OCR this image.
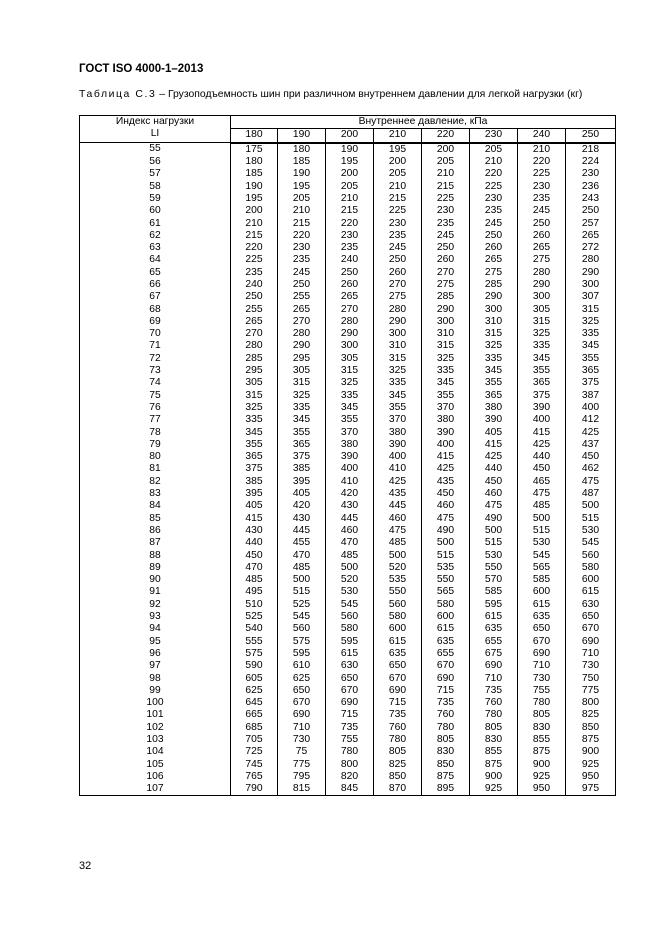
ГОСТ ISO 4000-1–2013
Таблица С.3 – Грузоподъемность шин при различном внутреннем давлении для легкой нагрузки (кг)
Индекс нагрузки
LI	Внутреннее давление, кПа							
	180	190	200	210	220	230	240	250
55	175	180	190	195	200	205	210	218
56	180	185	195	200	205	210	220	224
57	185	190	200	205	210	220	225	230
58	190	195	205	210	215	225	230	236
59	195	205	210	215	225	230	235	243
60	200	210	215	225	230	235	245	250
61	210	215	220	230	235	245	250	257
62	215	220	230	235	245	250	260	265
63	220	230	235	245	250	260	265	272
64	225	235	240	250	260	265	275	280
65	235	245	250	260	270	275	280	290
66	240	250	260	270	275	285	290	300
67	250	255	265	275	285	290	300	307
68	255	265	270	280	290	300	305	315
69	265	270	280	290	300	310	315	325
70	270	280	290	300	310	315	325	335
71	280	290	300	310	315	325	335	345
72	285	295	305	315	325	335	345	355
73	295	305	315	325	335	345	355	365
74	305	315	325	335	345	355	365	375
75	315	325	335	345	355	365	375	387
76	325	335	345	355	370	380	390	400
77	335	345	355	370	380	390	400	412
78	345	355	370	380	390	405	415	425
79	355	365	380	390	400	415	425	437
80	365	375	390	400	415	425	440	450
81	375	385	400	410	425	440	450	462
82	385	395	410	425	435	450	465	475
83	395	405	420	435	450	460	475	487
84	405	420	430	445	460	475	485	500
85	415	430	445	460	475	490	500	515
86	430	445	460	475	490	500	515	530
87	440	455	470	485	500	515	530	545
88	450	470	485	500	515	530	545	560
89	470	485	500	520	535	550	565	580
90	485	500	520	535	550	570	585	600
91	495	515	530	550	565	585	600	615
92	510	525	545	560	580	595	615	630
93	525	545	560	580	600	615	635	650
94	540	560	580	600	615	635	650	670
95	555	575	595	615	635	655	670	690
96	575	595	615	635	655	675	690	710
97	590	610	630	650	670	690	710	730
98	605	625	650	670	690	710	730	750
99	625	650	670	690	715	735	755	775
100	645	670	690	715	735	760	780	800
101	665	690	715	735	760	780	805	825
102	685	710	735	760	780	805	830	850
103	705	730	755	780	805	830	855	875
104	725	75	780	805	830	855	875	900
105	745	775	800	825	850	875	900	925
106	765	795	820	850	875	900	925	950
107	790	815	845	870	895	925	950	975
32
